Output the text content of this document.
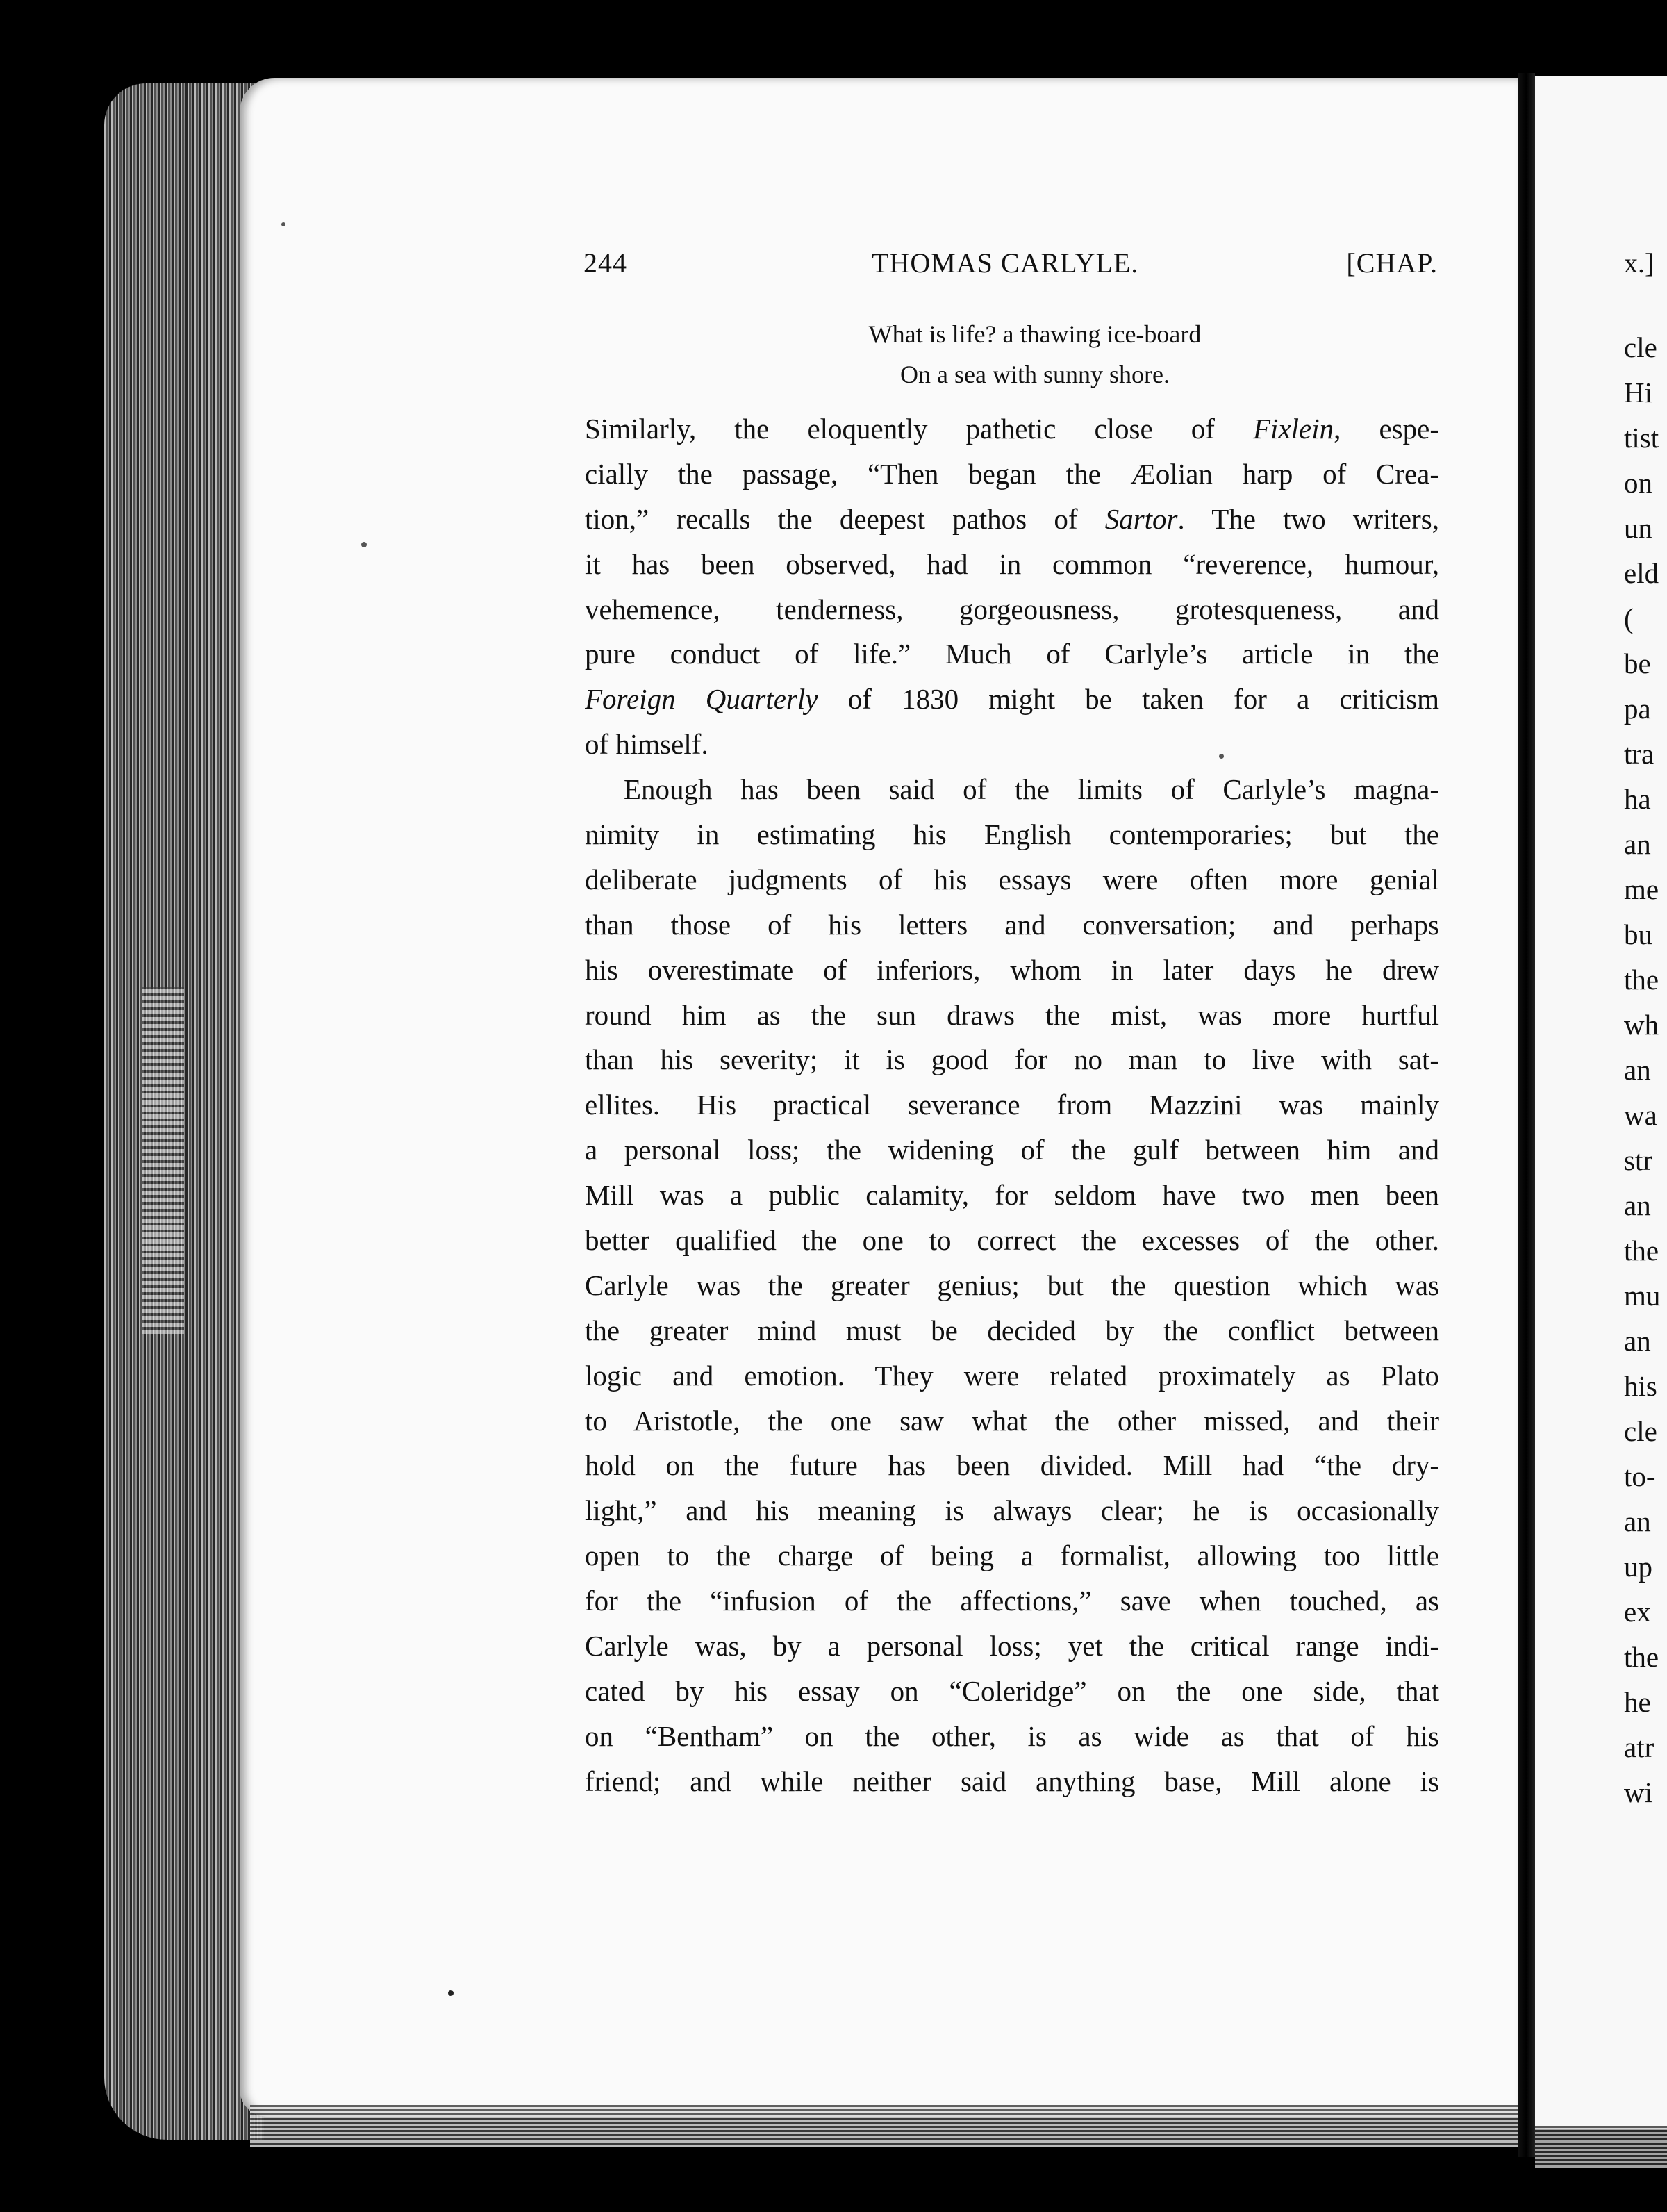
244	THOMAS CARLYLE.	[CHAP.
What is life? a thawing ice-board
On a sea with sunny shore.
Similarly, the eloquently pathetic close of Fixlein, espe-
cially the passage, “Then began the Æolian harp of Crea-
tion,” recalls the deepest pathos of Sartor. The two writers,
it has been observed, had in common “reverence, humour,
vehemence, tenderness, gorgeousness, grotesqueness, and
pure conduct of life.” Much of Carlyle’s article in the
Foreign Quarterly of 1830 might be taken for a criticism
of himself.
Enough has been said of the limits of Carlyle’s magna-
nimity in estimating his English contemporaries; but the
deliberate judgments of his essays were often more genial
than those of his letters and conversation; and perhaps
his overestimate of inferiors, whom in later days he drew
round him as the sun draws the mist, was more hurtful
than his severity; it is good for no man to live with sat-
ellites. His practical severance from Mazzini was mainly
a personal loss; the widening of the gulf between him and
Mill was a public calamity, for seldom have two men been
better qualified the one to correct the excesses of the other.
Carlyle was the greater genius; but the question which was
the greater mind must be decided by the conflict between
logic and emotion. They were related proximately as Plato
to Aristotle, the one saw what the other missed, and their
hold on the future has been divided. Mill had “the dry-
light,” and his meaning is always clear; he is occasionally
open to the charge of being a formalist, allowing too little
for the “infusion of the affections,” save when touched, as
Carlyle was, by a personal loss; yet the critical range indi-
cated by his essay on “Coleridge” on the one side, that
on “Bentham” on the other, is as wide as that of his
friend; and while neither said anything base, Mill alone is
x.]
cle
Hi
tist
on
un
eld
(
be
pa
tra
ha
an
me
bu
the
wh
an
wa
str
an
the
mu
an
his
cle
to-
an
up
ex
the
he
atr
wi
